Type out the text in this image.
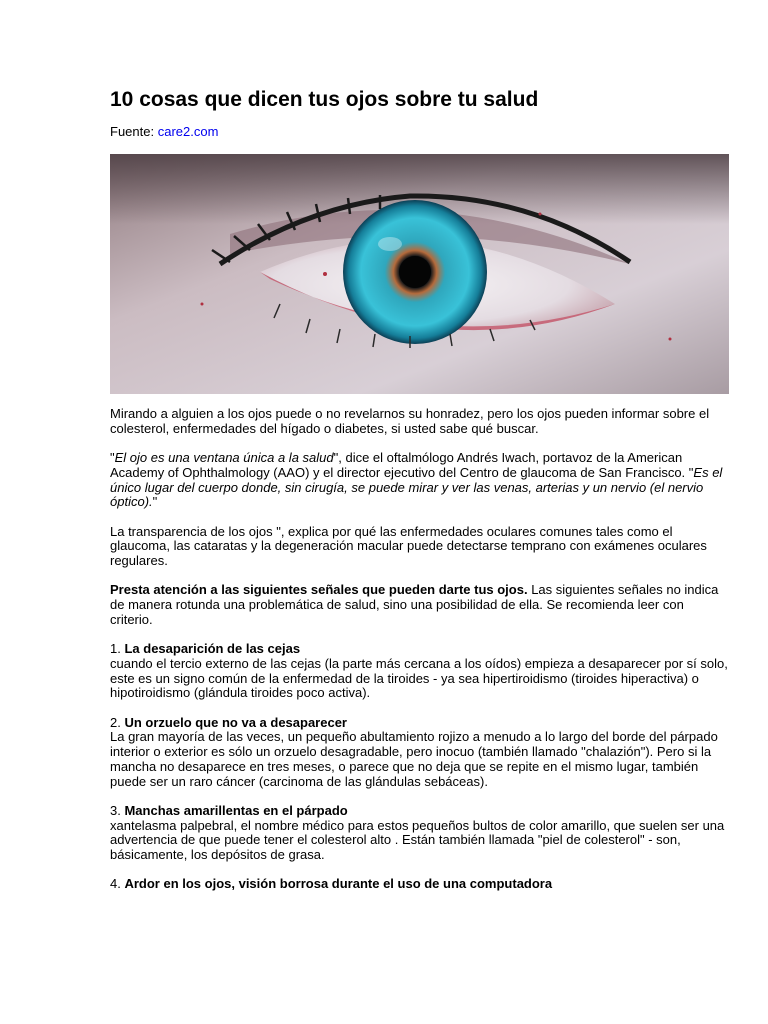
10 cosas que dicen tus ojos sobre tu salud
Fuente: care2.com

Mirando a alguien a los ojos puede o no revelarnos su honradez, pero los ojos pueden informar sobre el colesterol, enfermedades del hígado o diabetes, si usted sabe qué buscar.

"El ojo es una ventana única a la salud", dice el oftalmólogo Andrés Iwach, portavoz de la American Academy of Ophthalmology (AAO) y el director ejecutivo del Centro de glaucoma de San Francisco. "Es el único lugar del cuerpo donde, sin cirugía, se puede mirar y ver las venas, arterias y un nervio (el nervio óptico)."

La transparencia de los ojos ", explica por qué las enfermedades oculares comunes tales como el glaucoma, las cataratas y la degeneración macular puede detectarse temprano con exámenes oculares regulares.

Presta atención a las siguientes señales que pueden darte tus ojos. Las siguientes señales no indica de manera rotunda una problemática de salud, sino una posibilidad de ella. Se recomienda leer con criterio.

1. La desaparición de las cejas
cuando el tercio externo de las cejas (la parte más cercana a los oídos) empieza a desaparecer por sí solo, este es un signo común de la enfermedad de la tiroides - ya sea hipertiroidismo (tiroides hiperactiva) o hipotiroidismo (glándula tiroides poco activa).

2. Un orzuelo que no va a desaparecer
La gran mayoría de las veces, un pequeño abultamiento rojizo a menudo a lo largo del borde del párpado interior o exterior es sólo un orzuelo desagradable, pero inocuo (también llamado "chalazión"). Pero si la mancha no desaparece en tres meses, o parece que no deja que se repite en el mismo lugar, también puede ser un raro cáncer (carcinoma de las glándulas sebáceas).

3. Manchas amarillentas en el párpado
xantelasma palpebral, el nombre médico para estos pequeños bultos de color amarillo, que suelen ser una advertencia de que puede tener el colesterol alto . Están también llamada "piel de colesterol" - son, básicamente, los depósitos de grasa.

4. Ardor en los ojos, visión borrosa durante el uso de una computadora
